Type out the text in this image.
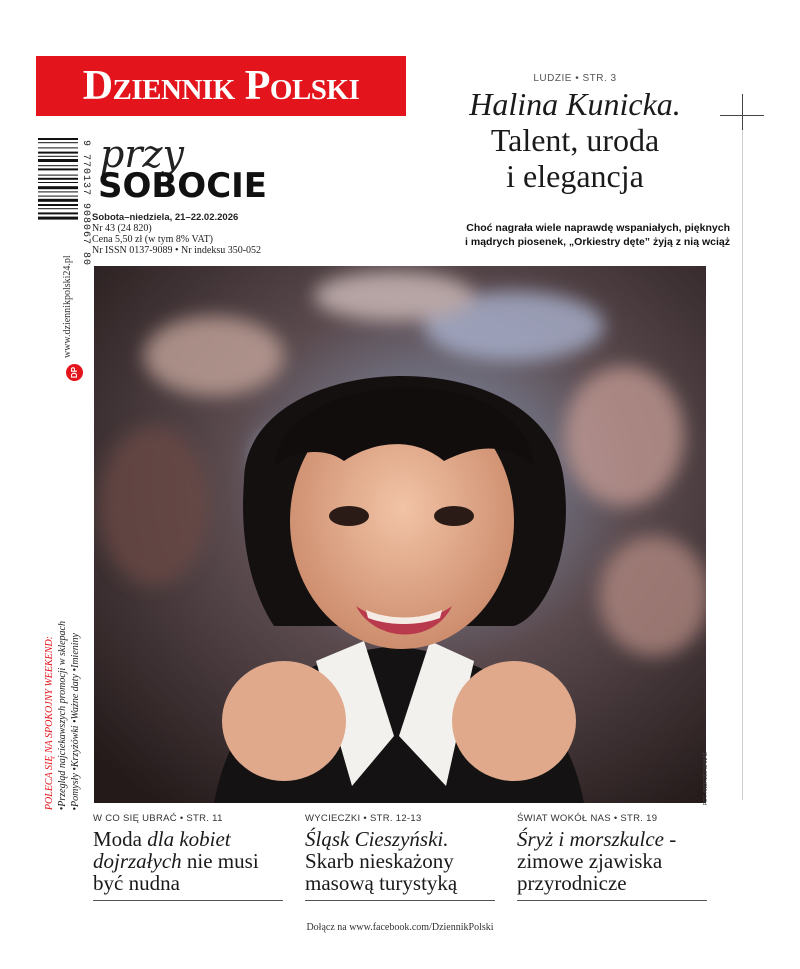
Dziennik Polski
9 770137 908067 80 przy
SOBOCIE
Sobota–niedziela, 21–22.02.2026
Nr 43 (24 820)
Cena 5,50 zł (w tym 8% VAT)
Nr ISSN 0137-9089 • Nr indeksu 350-052
LUDZIE • STR. 3
Halina Kunicka.
Talent, uroda
i elegancja
Choć nagrała wiele naprawdę wspaniałych, pięknych
i mądrych piosenek, „Orkiestry dęte” żyją z nią wciąż
FOT. ANDRZEJ BANAŚ
www.dziennikpolski24.pl
DP
POLECA SIĘ NA SPOKOJNY WEEKEND: •Przegląd najciekawszych promocji w sklepach •Pomysły •Krzyżówki •Ważne daty •Imieniny
W CO SIĘ UBRAĆ • STR. 11
Moda dla kobiet dojrzałych nie musi być nudna
WYCIECZKI • STR. 12-13
Śląsk Cieszyński. Skarb nieskażony masową turystyką
ŚWIAT WOKÓŁ NAS • STR. 19
Śryż i morszkulce - zimowe zjawiska przyrodnicze
Dołącz na www.facebook.com/DziennikPolski
